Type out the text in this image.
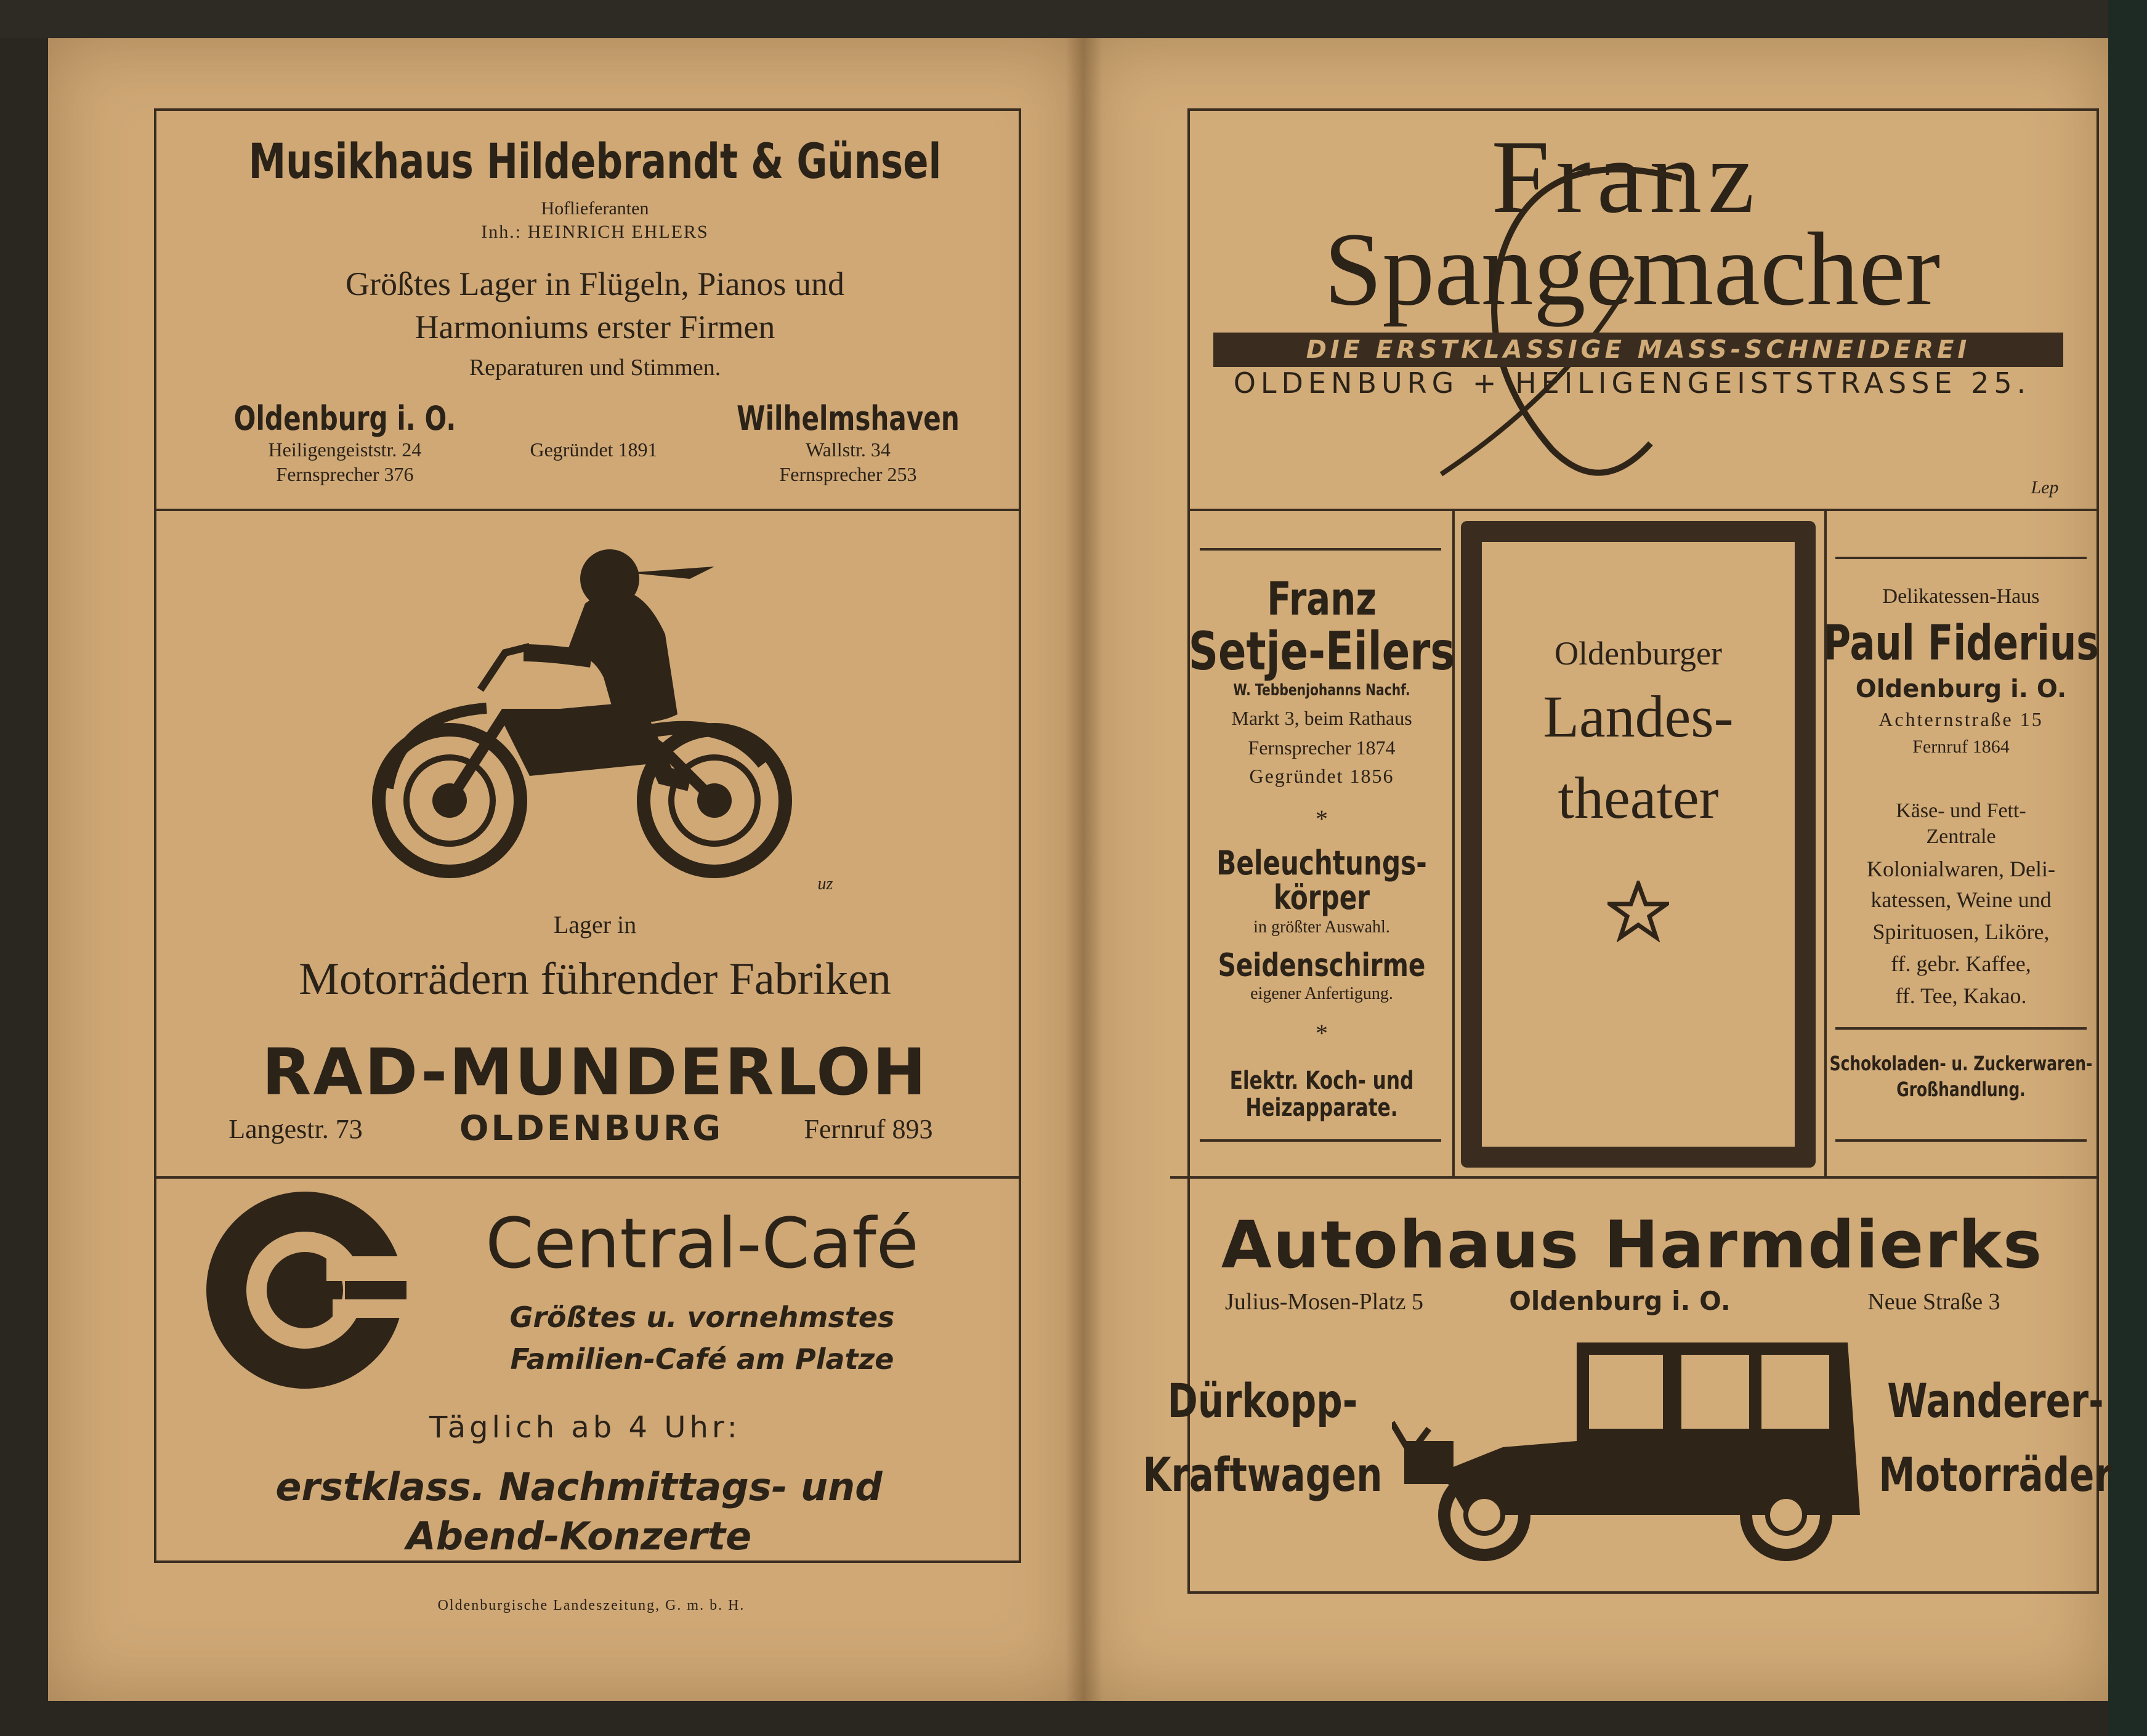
Musikhaus Hildebrandt & Günsel
Hoflieferanten
Inh.: HEINRICH EHLERS
Größtes Lager in Flügeln, Pianos und
Harmoniums erster Firmen
Reparaturen und Stimmen.
Oldenburg i. O.
Heiligengeiststr. 24
Fernsprecher 376
Gegründet 1891
Wilhelmshaven
Wallstr. 34
Fernsprecher 253
uz
Lager in
Motorrädern führender Fabriken
RAD-MUNDERLOH
Langestr. 73	OLDENBURG	Fernruf 893
Central-Café
Größtes u. vornehmstes
Familien-Café am Platze
Täglich ab 4 Uhr:
erstklass. Nachmittags- und
Abend-Konzerte
Oldenburgische Landeszeitung, G. m. b. H.
Franz
Spangemacher
DIE ERSTKLASSIGE MASS-SCHNEIDEREI
OLDENBURG + HEILIGENGEISTSTRASSE 25.
Lep
Franz
Setje-Eilers
W. Tebbenjohanns Nachf.
Markt 3, beim Rathaus
Fernsprecher 1874
Gegründet 1856
*
Beleuchtungs-
körper
in größter Auswahl.
Seidenschirme
eigener Anfertigung.
*
Elektr. Koch- und
Heizapparate.
Oldenburger
Landes-
theater
Delikatessen-Haus
Paul Fiderius
Oldenburg i. O.
Achternstraße 15
Fernruf 1864
Käse- und Fett-
Zentrale
Kolonialwaren, Deli-
katessen, Weine und
Spirituosen, Liköre,
ff. gebr. Kaffee,
ff. Tee, Kakao.
Schokoladen- u. Zuckerwaren-
Großhandlung.
Autohaus Harmdierks
Julius-Mosen-Platz 5	Oldenburg i. O.	Neue Straße 3
Dürkopp-
Kraftwagen
Wanderer-
Motorräder
